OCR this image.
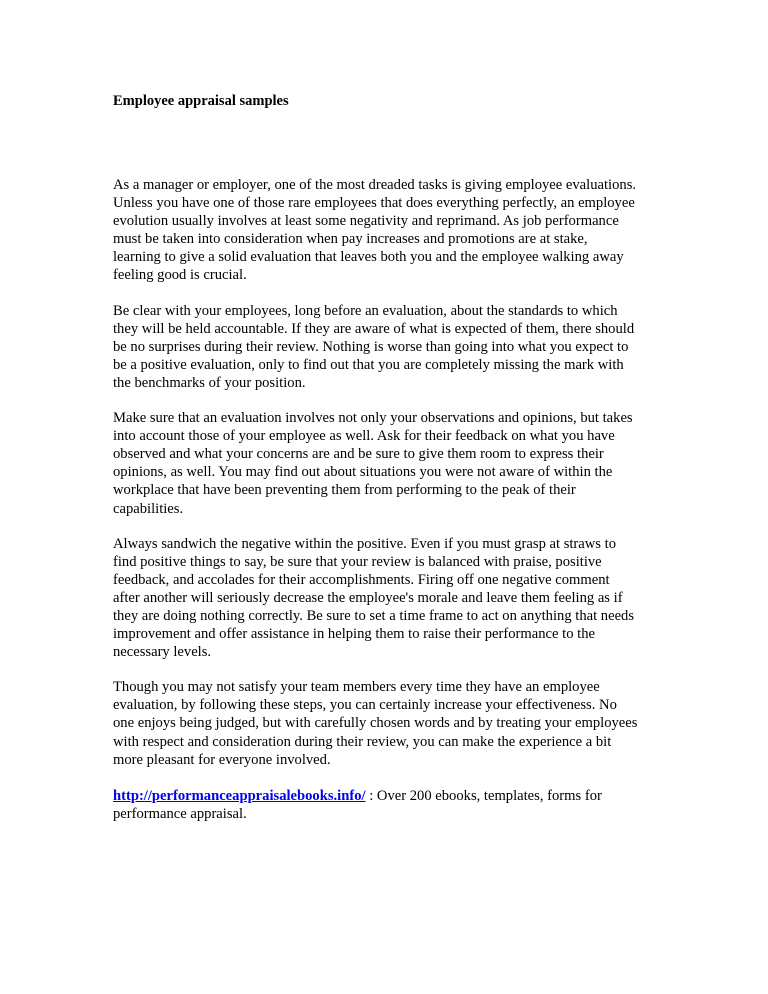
Employee appraisal samples

As a manager or employer, one of the most dreaded tasks is giving employee evaluations.
Unless you have one of those rare employees that does everything perfectly, an employee
evolution usually involves at least some negativity and reprimand. As job performance
must be taken into consideration when pay increases and promotions are at stake,
learning to give a solid evaluation that leaves both you and the employee walking away
feeling good is crucial.

Be clear with your employees, long before an evaluation, about the standards to which
they will be held accountable. If they are aware of what is expected of them, there should
be no surprises during their review. Nothing is worse than going into what you expect to
be a positive evaluation, only to find out that you are completely missing the mark with
the benchmarks of your position.

Make sure that an evaluation involves not only your observations and opinions, but takes
into account those of your employee as well. Ask for their feedback on what you have
observed and what your concerns are and be sure to give them room to express their
opinions, as well. You may find out about situations you were not aware of within the
workplace that have been preventing them from performing to the peak of their
capabilities.

Always sandwich the negative within the positive. Even if you must grasp at straws to
find positive things to say, be sure that your review is balanced with praise, positive
feedback, and accolades for their accomplishments. Firing off one negative comment
after another will seriously decrease the employee's morale and leave them feeling as if
they are doing nothing correctly. Be sure to set a time frame to act on anything that needs
improvement and offer assistance in helping them to raise their performance to the
necessary levels.

Though you may not satisfy your team members every time they have an employee
evaluation, by following these steps, you can certainly increase your effectiveness. No
one enjoys being judged, but with carefully chosen words and by treating your employees
with respect and consideration during their review, you can make the experience a bit
more pleasant for everyone involved.

http://performanceappraisalebooks.info/ : Over 200 ebooks, templates, forms for
performance appraisal.
